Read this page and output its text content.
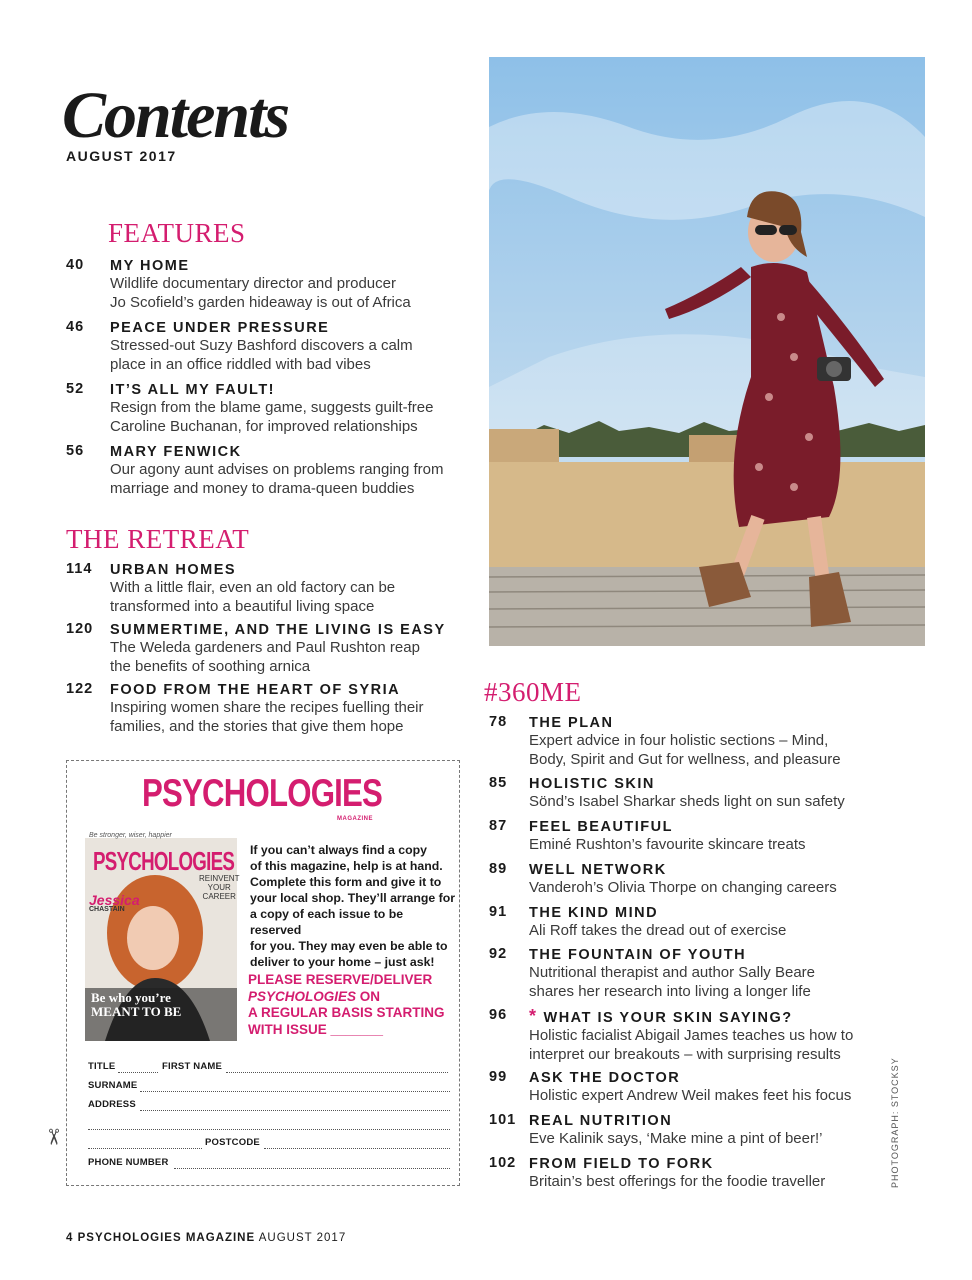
Contents
AUGUST 2017
FEATURES
40	MY HOME
Wildlife documentary director and producer
Jo Scofield’s garden hideaway is out of Africa
46	PEACE UNDER PRESSURE
Stressed-out Suzy Bashford discovers a calm
place in an office riddled with bad vibes
52	IT’S ALL MY FAULT!
Resign from the blame game, suggests guilt-free
Caroline Buchanan, for improved relationships
56	MARY FENWICK
Our agony aunt advises on problems ranging from
marriage and money to drama-queen buddies
THE RETREAT
114	URBAN HOMES
With a little flair, even an old factory can be
transformed into a beautiful living space
120	SUMMERTIME, AND THE LIVING IS EASY
The Weleda gardeners and Paul Rushton reap
the benefits of soothing arnica
122	FOOD FROM THE HEART OF SYRIA
Inspiring women share the recipes fuelling their
families, and the stories that give them hope
#360ME
78	THE PLAN
Expert advice in four holistic sections – Mind,
Body, Spirit and Gut for wellness, and pleasure
85	HOLISTIC SKIN
Sönd’s Isabel Sharkar sheds light on sun safety
87	FEEL BEAUTIFUL
Eminé Rushton’s favourite skincare treats
89	WELL NETWORK
Vanderoh’s Olivia Thorpe on changing careers
91	THE KIND MIND
Ali Roff takes the dread out of exercise
92	THE FOUNTAIN OF YOUTH
Nutritional therapist and author Sally Beare
shares her research into living a longer life
96	* WHAT IS YOUR SKIN SAYING?
Holistic facialist Abigail James teaches us how to
interpret our breakouts – with surprising results
99	ASK THE DOCTOR
Holistic expert Andrew Weil makes feet his focus
101 REAL NUTRITION
Eve Kalinik says, ‘Make mine a pint of beer!’
102 FROM FIELD TO FORK
Britain’s best offerings for the foodie traveller
PSYCHOLOGIES
MAGAZINE
Be stronger, wiser, happier
PSYCHOLOGIES
Jessica
CHASTAIN
REINVENT
YOUR
CAREER
Be who you’re
MEANT TO BE
If you can’t always find a copy
of this magazine, help is at hand.
Complete this form and give it to
your local shop. They’ll arrange for
a copy of each issue to be reserved
for you. They may even be able to
deliver to your home – just ask!
PLEASE RESERVE/DELIVER
PSYCHOLOGIES ON
A REGULAR BASIS STARTING
WITH ISSUE _______
TITLE	FIRST NAME
SURNAME
ADDRESS
POSTCODE
PHONE NUMBER
✂	PHOTOGRAPH: STOCKSY
4 PSYCHOLOGIES MAGAZINE AUGUST 2017
